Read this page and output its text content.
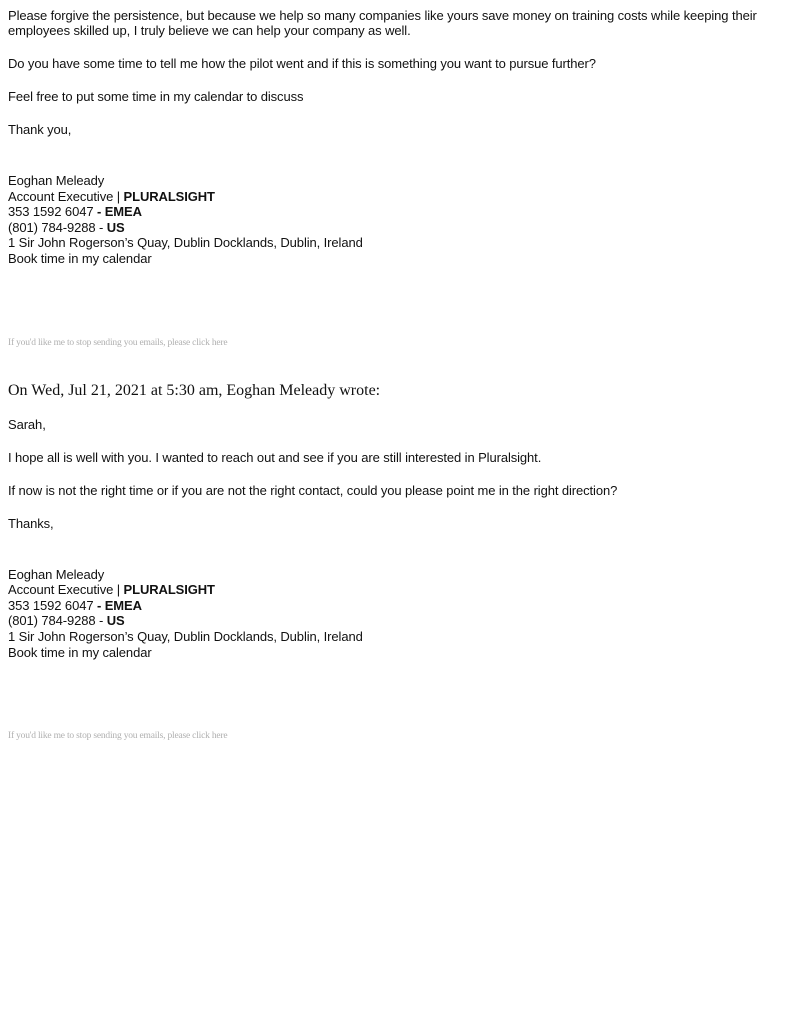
Please forgive the persistence, but because we help so many companies like yours save money on training costs while keeping their employees skilled up, I truly believe we can help your company as well.

Do you have some time to tell me how the pilot went and if this is something you want to pursue further?

Feel free to put some time in my calendar to discuss

Thank you,

Eoghan Meleady
Account Executive | PLURALSIGHT
353 1592 6047 - EMEA
(801) 784-9288 - US
1 Sir John Rogerson’s Quay, Dublin Docklands, Dublin, Ireland
Book time in my calendar

If you'd like me to stop sending you emails, please click here

On Wed, Jul 21, 2021 at 5:30 am, Eoghan Meleady wrote:

Sarah,

I hope all is well with you. I wanted to reach out and see if you are still interested in Pluralsight.

If now is not the right time or if you are not the right contact, could you please point me in the right direction?

Thanks,

Eoghan Meleady
Account Executive | PLURALSIGHT
353 1592 6047 - EMEA
(801) 784-9288 - US
1 Sir John Rogerson’s Quay, Dublin Docklands, Dublin, Ireland
Book time in my calendar

If you'd like me to stop sending you emails, please click here
